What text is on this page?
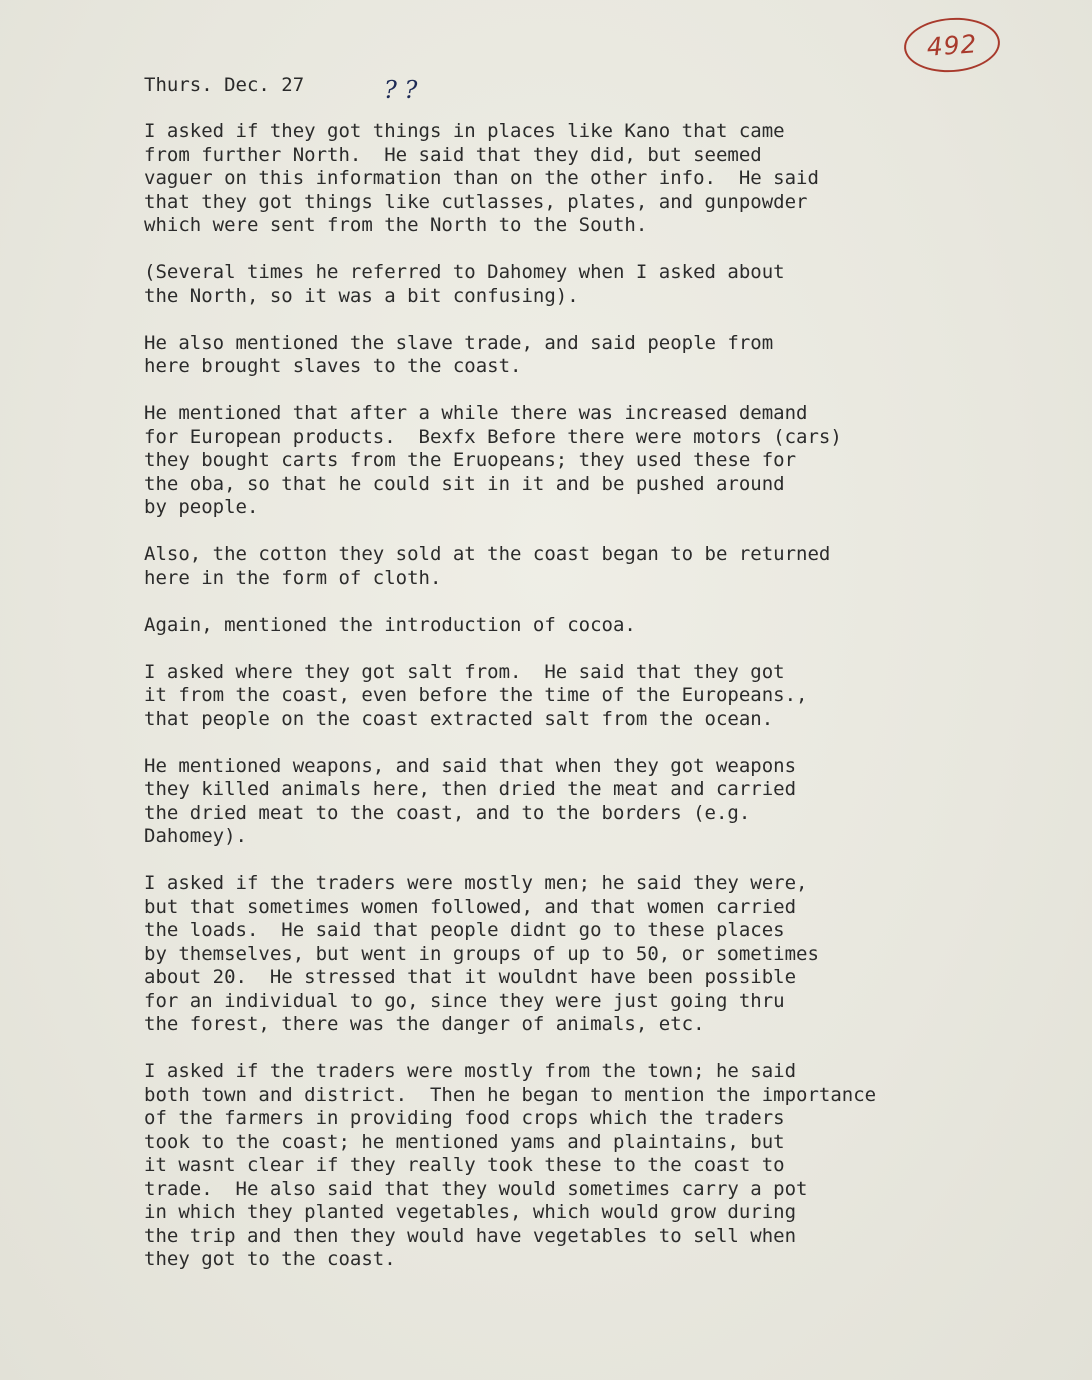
492
Thurs. Dec. 27	? ?
I asked if they got things in places like Kano that came
from further North.  He said that they did, but seemed
vaguer on this information than on the other info.  He said
that they got things like cutlasses, plates, and gunpowder
which were sent from the North to the South.
(Several times he referred to Dahomey when I asked about
the North, so it was a bit confusing).
He also mentioned the slave trade, and said people from
here brought slaves to the coast.
He mentioned that after a while there was increased demand
for European products.  Bexfx Before there were motors (cars)
they bought carts from the Eruopeans; they used these for
the oba, so that he could sit in it and be pushed around
by people.
Also, the cotton they sold at the coast began to be returned
here in the form of cloth.
Again, mentioned the introduction of cocoa.
I asked where they got salt from.  He said that they got
it from the coast, even before the time of the Europeans.,
that people on the coast extracted salt from the ocean.
He mentioned weapons, and said that when they got weapons
they killed animals here, then dried the meat and carried
the dried meat to the coast, and to the borders (e.g.
Dahomey).
I asked if the traders were mostly men; he said they were,
but that sometimes women followed, and that women carried
the loads.  He said that people didnt go to these places
by themselves, but went in groups of up to 50, or sometimes
about 20.  He stressed that it wouldnt have been possible
for an individual to go, since they were just going thru
the forest, there was the danger of animals, etc.
I asked if the traders were mostly from the town; he said
both town and district.  Then he began to mention the importance
of the farmers in providing food crops which the traders
took to the coast; he mentioned yams and plaintains, but
it wasnt clear if they really took these to the coast to
trade.  He also said that they would sometimes carry a pot
in which they planted vegetables, which would grow during
the trip and then they would have vegetables to sell when
they got to the coast.
